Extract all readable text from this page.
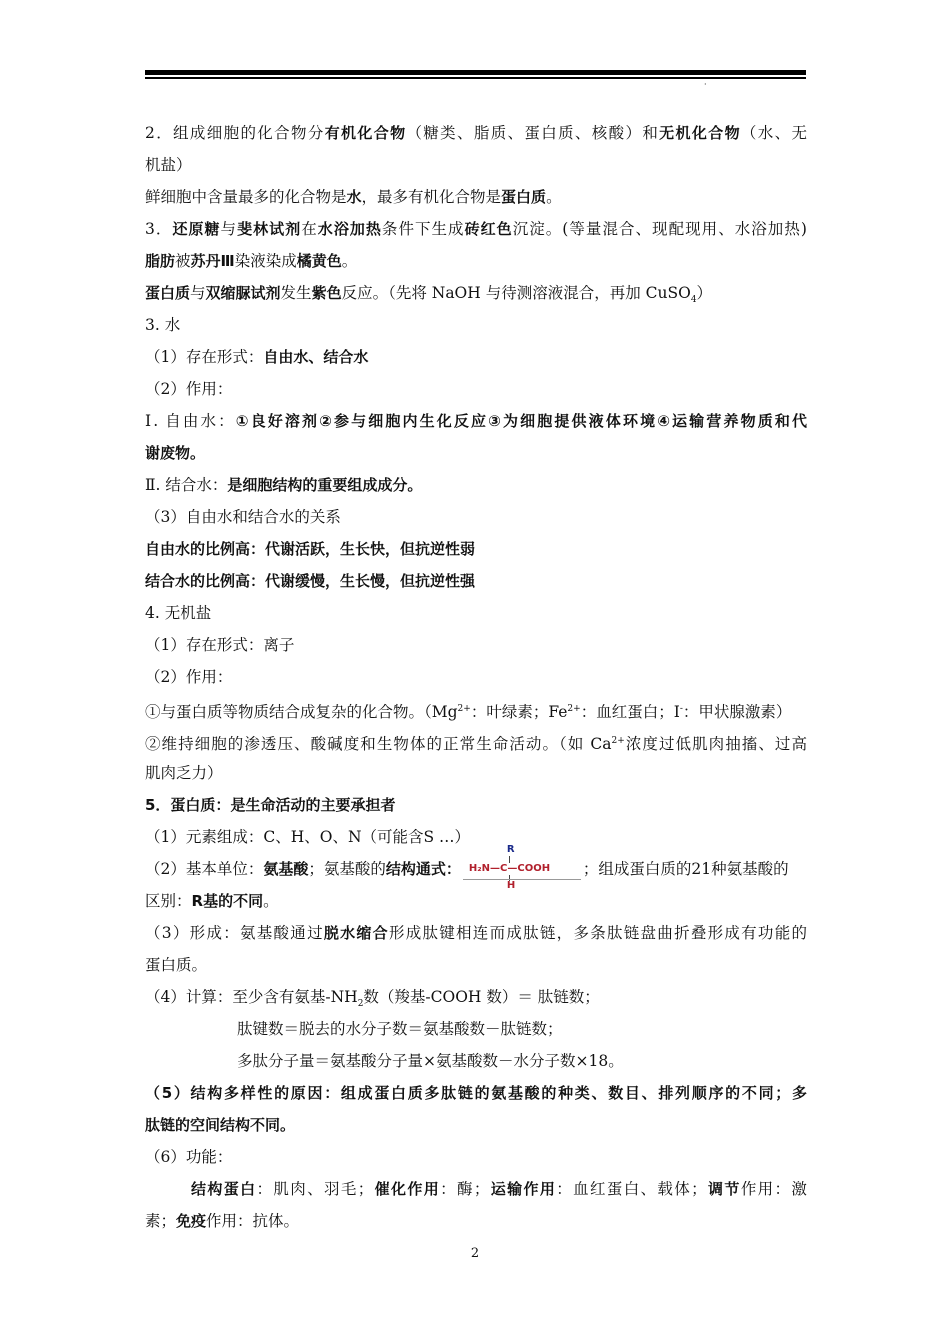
·
2．组成细胞的化合物分有机化合物（糖类、脂质、蛋白质、核酸）和无机化合物（水、无
机盐）
鲜细胞中含量最多的化合物是水，最多有机化合物是蛋白质。
3．还原糖与斐林试剂在水浴加热条件下生成砖红色沉淀。(等量混合、现配现用、水浴加热)
脂肪被苏丹Ⅲ染液染成橘黄色。
蛋白质与双缩脲试剂发生紫色反应。（先将 NaOH 与待测溶液混合，再加 CuSO$_4$）
3. 水
（1）存在形式：自由水、结合水
（2）作用：
Ⅰ. 自由水：①良好溶剂②参与细胞内生化反应③为细胞提供液体环境④运输营养物质和代
谢废物。
Ⅱ. 结合水：是细胞结构的重要组成成分。
（3）自由水和结合水的关系
自由水的比例高：代谢活跃，生长快，但抗逆性弱
结合水的比例高：代谢缓慢，生长慢，但抗逆性强
4. 无机盐
（1）存在形式：离子
（2）作用：
①与蛋白质等物质结合成复杂的化合物。（$Mg^{2+}$：叶绿素；$Fe^{2+}$：血红蛋白；I-：甲状腺激素）
②维持细胞的渗透压、酸碱度和生物体的正常生命活动。（如 $Ca^{2+}$浓度过低肌肉抽搐、过高
肌肉乏力）
5．蛋白质：是生命活动的主要承担者
（1）元素组成：C、H、O、N（可能含S …）
（2）基本单位：氨基酸；氨基酸的结构通式：
R
H₂N—C—COOH
H
；组成蛋白质的21种氨基酸的
区别：R基的不同。
（3）形成：氨基酸通过脱水缩合形成肽键相连而成肽链，多条肽链盘曲折叠形成有功能的
蛋白质。
（4）计算：至少含有氨基$-NH_2$数（羧基-COOH 数）＝ 肽链数；
肽键数＝脱去的水分子数＝氨基酸数－肽链数；
多肽分子量＝氨基酸分子量×氨基酸数－水分子数×18。
（5）结构多样性的原因：组成蛋白质多肽链的氨基酸的种类、数目、排列顺序的不同；多
肽链的空间结构不同。
（6）功能：
结构蛋白：肌肉、羽毛；催化作用：酶；运输作用：血红蛋白、载体；调节作用：激
素；免疫作用：抗体。
2
